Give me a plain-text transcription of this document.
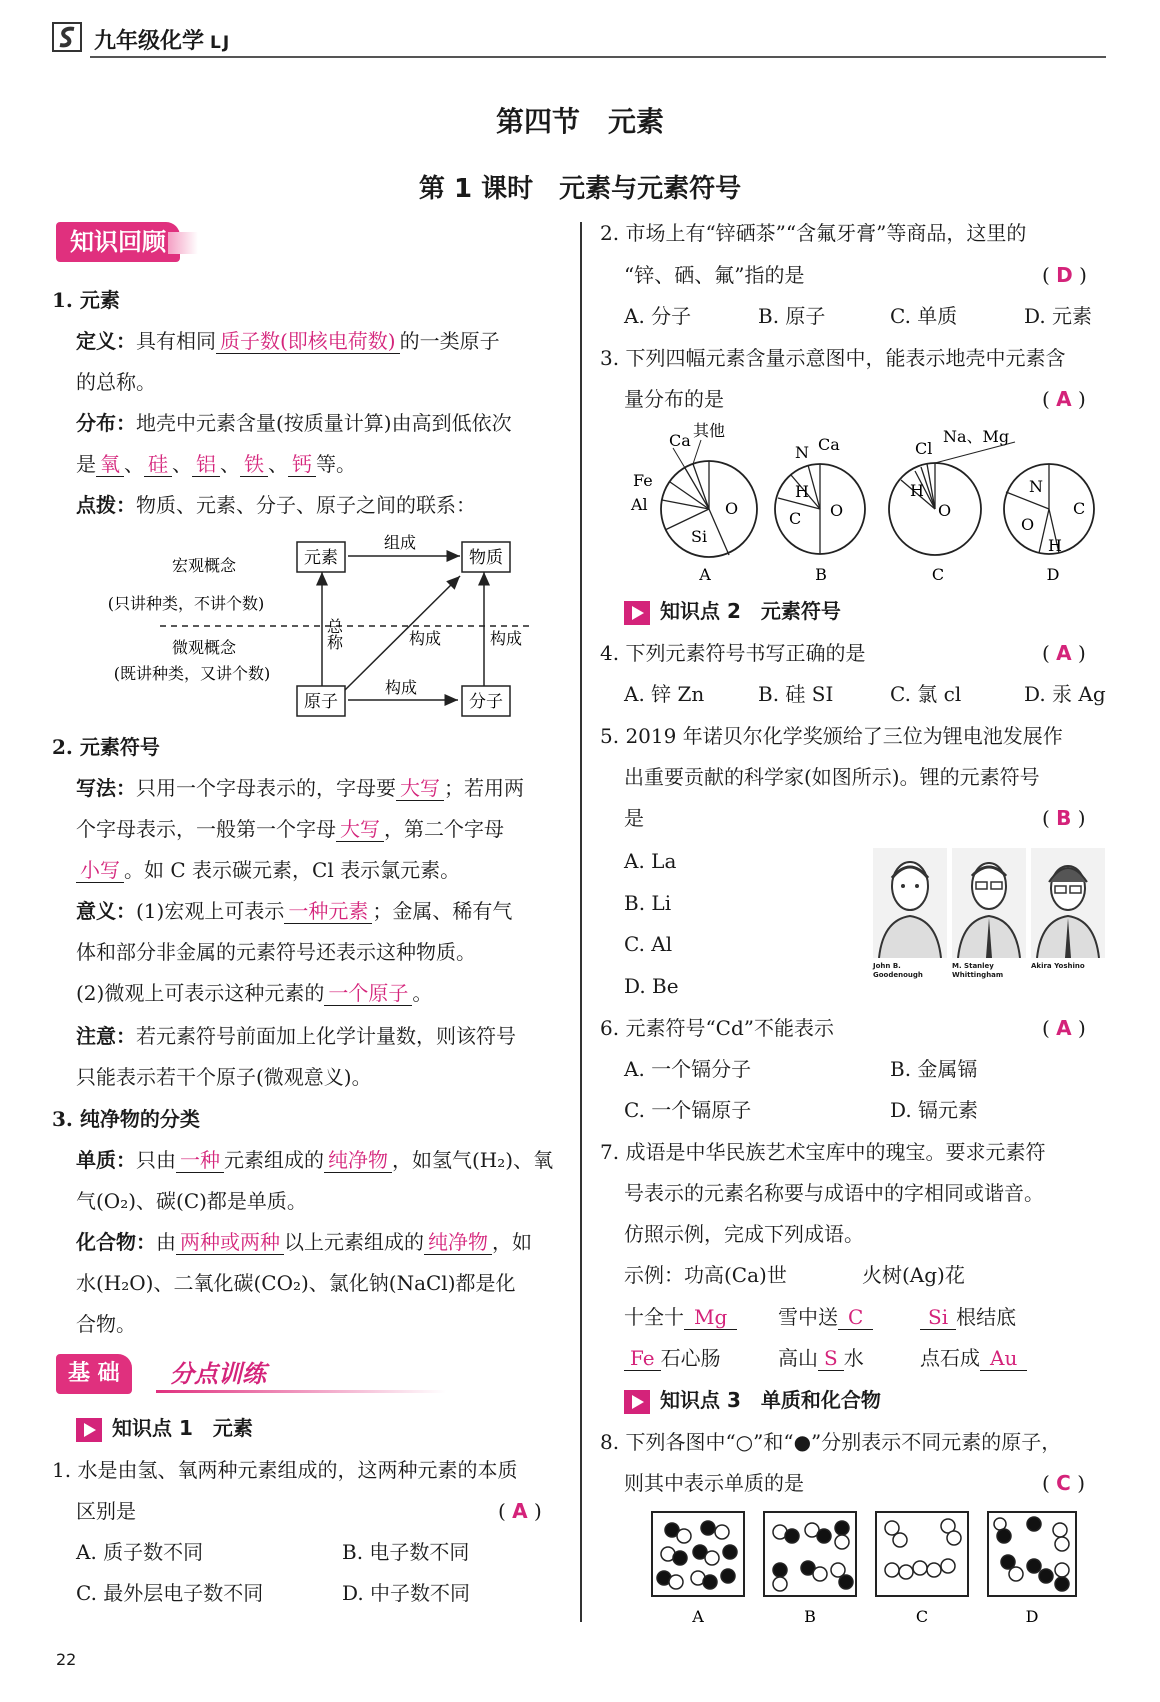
九年级化学 LJ
第四节　元素
第 1 课时　元素与元素符号
知识回顾
1. 元素
定义：具有相同 质子数(即核电荷数) 的一类原子
的总称。
分布：地壳中元素含量(按质量计算)由高到低依次
是 氧 、 硅 、 铝 、 铁 、 钙 等。
点拨：物质、元素、分子、原子之间的联系：
元素	物质
原子	分子
组成
总称	构成	构成
构成
宏观概念
(只讲种类，不讲个数)
微观概念
(既讲种类，又讲个数)
2. 元素符号
写法：只用一个字母表示的，字母要 大写 ；若用两
个字母表示，一般第一个字母 大写 ，第二个字母
小写 。如 C 表示碳元素，Cl 表示氯元素。
意义：(1)宏观上可表示 一种元素 ；金属、稀有气
体和部分非金属的元素符号还表示这种物质。
(2)微观上可表示这种元素的 一个原子 。
注意：若元素符号前面加上化学计量数，则该符号
只能表示若干个原子(微观意义)。
3. 纯净物的分类
单质：只由 一种 元素组成的 纯净物 ，如氢气(H₂)、氧
气(O₂)、碳(C)都是单质。
化合物：由 两种或两种 以上元素组成的 纯净物 ，如
水(H₂O)、二氧化碳(CO₂)、氯化钠(NaCl)都是化
合物。
基 础	分点训练
知识点 1　元素
1. 水是由氢、氧两种元素组成的，这两种元素的本质
区别是	( A )
A. 质子数不同	B. 电子数不同
C. 最外层电子数不同	D. 中子数不同
2. 市场上有“锌硒茶”“含氟牙膏”等商品，这里的
“锌、硒、氟”指的是	( D )
A. 分子	B. 原子	C. 单质	D. 元素
3. 下列四幅元素含量示意图中，能表示地壳中元素含
量分布的是	( A )
Ca
其他
Fe
Al
Si
O
A
N Ca
H
C O
B
Cl
Na、Mg
H
O
C
N
C
O
H
D
知识点 2　元素符号
4. 下列元素符号书写正确的是	( A )
A. 锌 Zn	B. 硅 SI	C. 氯 cl	D. 汞 Ag
5. 2019 年诺贝尔化学奖颁给了三位为锂电池发展作
出重要贡献的科学家(如图所示)。锂的元素符号
是	( B )
A. La
B. Li
C. Al
D. Be
John B. Goodenough
M. Stanley Whittingham
Akira Yoshino
6. 元素符号“Cd”不能表示	( A )
A. 一个镉分子	B. 金属镉
C. 一个镉原子	D. 镉元素
7. 成语是中华民族艺术宝库中的瑰宝。要求元素符
号表示的元素名称要与成语中的字相同或谐音。
仿照示例，完成下列成语。
示例：功高(Ca)世	火树(Ag)花
十全十 Mg	雪中送 C	Si 根结底
Fe 石心肠	高山 S 水	点石成 Au
知识点 3　单质和化合物
8. 下列各图中“○”和“●”分别表示不同元素的原子，
则其中表示单质的是	( C )
A	B	C	D
22
